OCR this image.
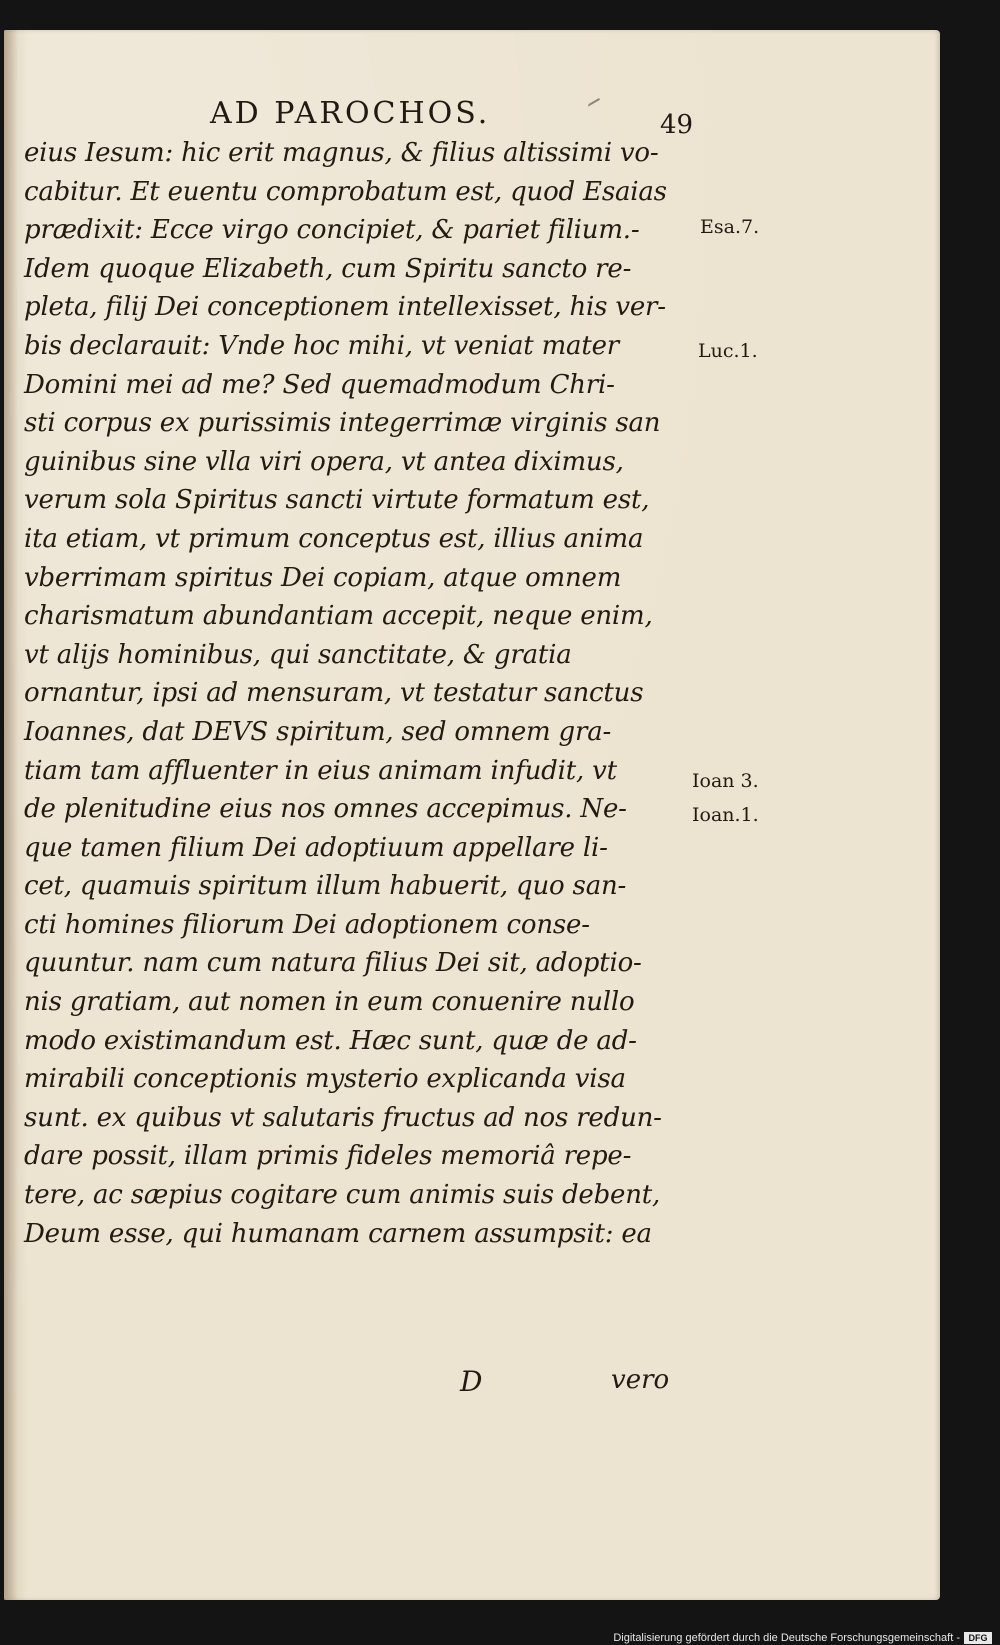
AD PAROCHOS.	49
eius Iesum: hic erit magnus, & filius altissimi vo-
cabitur. Et euentu comprobatum est, quod Esaias
prædixit: Ecce virgo concipiet, & pariet filium.-
Idem quoque Elizabeth, cum Spiritu sancto re-
pleta, filij Dei conceptionem intellexisset, his ver-
bis declarauit: Vnde hoc mihi, vt veniat mater
Domini mei ad me? Sed quemadmodum Chri-
sti corpus ex purissimis integerrimæ virginis san
guinibus sine vlla viri opera, vt antea diximus,
verum sola Spiritus sancti virtute formatum est,
ita etiam, vt primum conceptus est, illius anima
vberrimam spiritus Dei copiam, atque omnem
charismatum abundantiam accepit, neque enim,
vt alijs hominibus, qui sanctitate, & gratia
ornantur, ipsi ad mensuram, vt testatur sanctus
Ioannes, dat DEVS spiritum, sed omnem gra-
tiam tam affluenter in eius animam infudit, vt
de plenitudine eius nos omnes accepimus. Ne-
que tamen filium Dei adoptiuum appellare li-
cet, quamuis spiritum illum habuerit, quo san-
cti homines filiorum Dei adoptionem conse-
quuntur. nam cum natura filius Dei sit, adoptio-
nis gratiam, aut nomen in eum conuenire nullo
modo existimandum est. Hæc sunt, quæ de ad-
mirabili conceptionis mysterio explicanda visa
sunt. ex quibus vt salutaris fructus ad nos redun-
dare possit, illam primis fideles memoriâ repe-
tere, ac sæpius cogitare cum animis suis debent,
Deum esse, qui humanam carnem assumpsit: ea
Esa.7.
Luc.1.
Ioan 3.
Ioan.1.
D	vero
Digitalisierung gefördert durch die Deutsche Forschungsgemeinschaft - DFG
